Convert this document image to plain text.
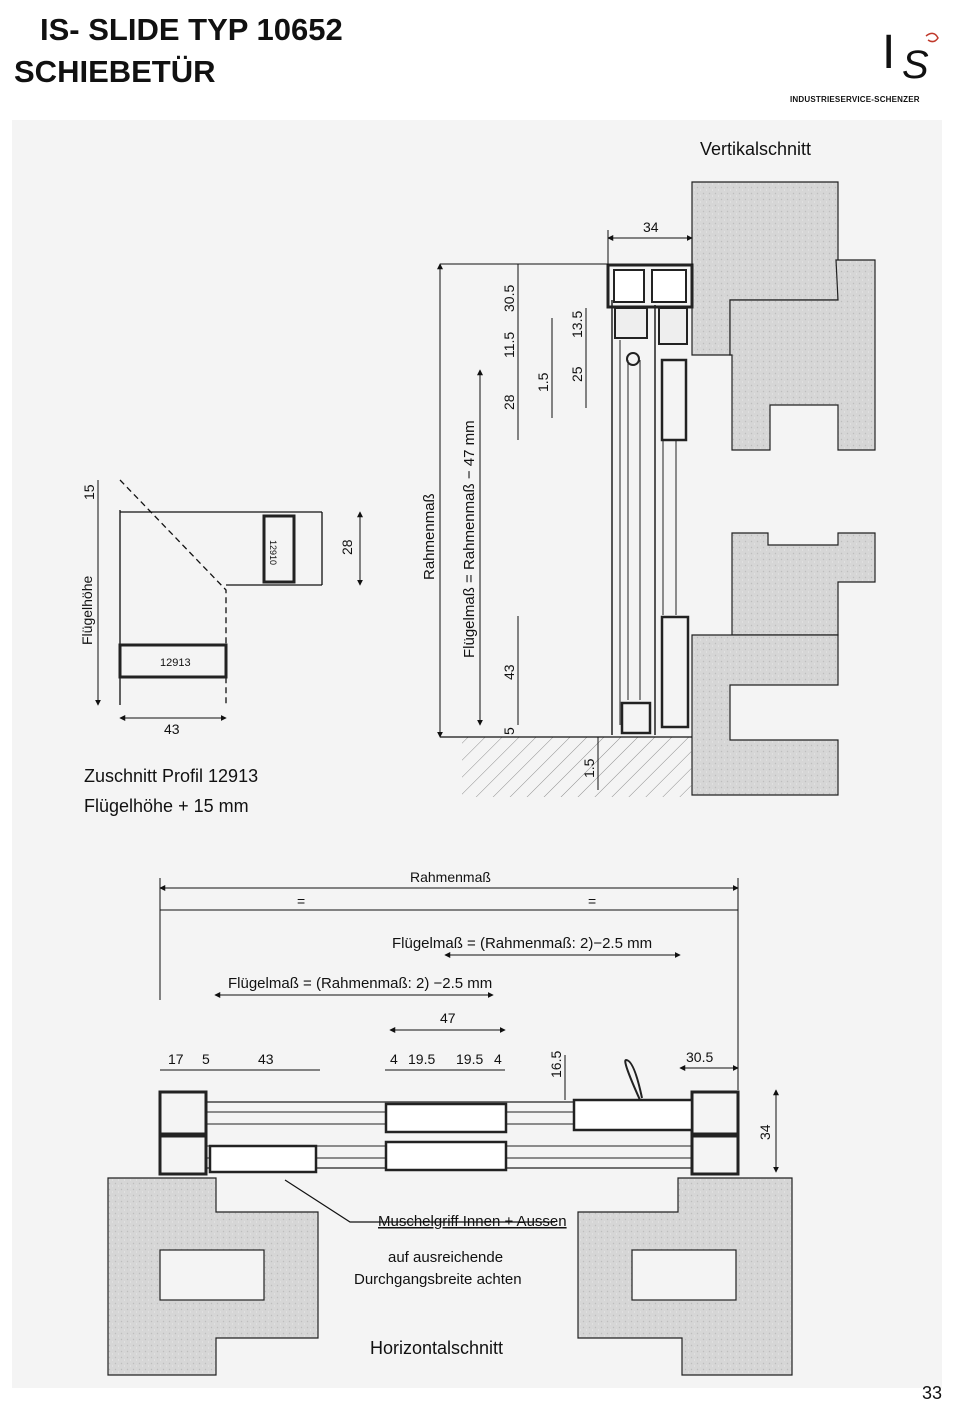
IS- SLIDE TYP 10652
SCHIEBETÜR	I S
INDUSTRIESERVICE-SCHENZER
Vertikalschnitt
34
30.5
11.5
28
1.5
13.5
25
Rahmenmaß Flügelmaß = Rahmenmaß − 47 mm
43
5
1.5
12910
12913
15
Flügelhöhe
28
43
Zuschnitt Profil 12913
Flügelhöhe + 15 mm
Rahmenmaß
=	=
Flügelmaß = (Rahmenmaß: 2)−2.5 mm
Flügelmaß = (Rahmenmaß: 2) −2.5 mm
47
17 5	43	4 19.5 19.5 4	16.5	30.5
34
Muschelgriff Innen + Aussen
auf ausreichende
Durchgangsbreite achten
Horizontalschnitt
33
